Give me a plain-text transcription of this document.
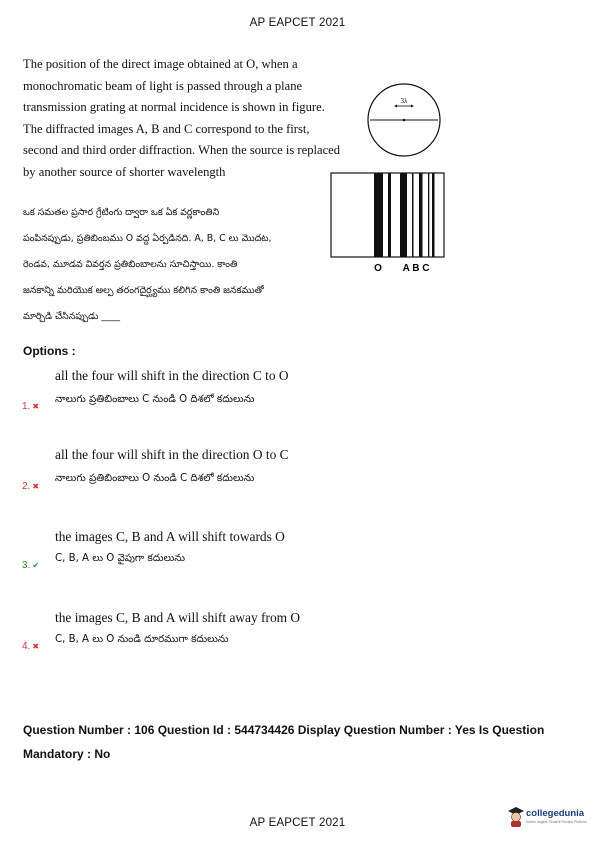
AP EAPCET 2021
The position of the direct image obtained at O, when a
monochromatic beam of light is passed through a plane
transmission grating at normal incidence is shown in figure.
The diffracted images A, B and C correspond to the first,
second and third order diffraction. When the source is replaced
by another source of shorter wavelength
ఒక సమతల ప్రసార గ్రేటింగు ద్వారా ఒక ఏక వర్ణకాంతిని
పంపినప్పుడు, ప్రతిబింబము O వద్ద ఏర్పడినది. A, B, C లు మొదట,
రెండవ, మూడవ వివర్తన ప్రతిబింబాలను సూచిస్తాయి. కాంతి
జనకాన్ని మరియొక అల్ప తరంగదైర్ఘ్యము కలిగిన కాంతి జనకముతో
మార్చిడి చేసినప్పుడు ____
3λ
O A B C
Options :
all the four will shift in the direction C to O
1. ✖
నాలుగు ప్రతిబింబాలు C నుండి O దిశలో కదులును
all the four will shift in the direction O to C
2. ✖
నాలుగు ప్రతిబింబాలు O నుండి C దిశలో కదులును
the images C, B and A will shift towards O
3. ✔
C, B, A లు O వైపుగా కదులును
the images C, B and A will shift away from O
4. ✖
C, B, A లు O నుండి దూరముగా కదులును
Question Number : 106 Question Id : 544734426 Display Question Number : Yes Is Question
Mandatory : No
AP EAPCET 2021
collegedunia
India's largest Student Review Platform
